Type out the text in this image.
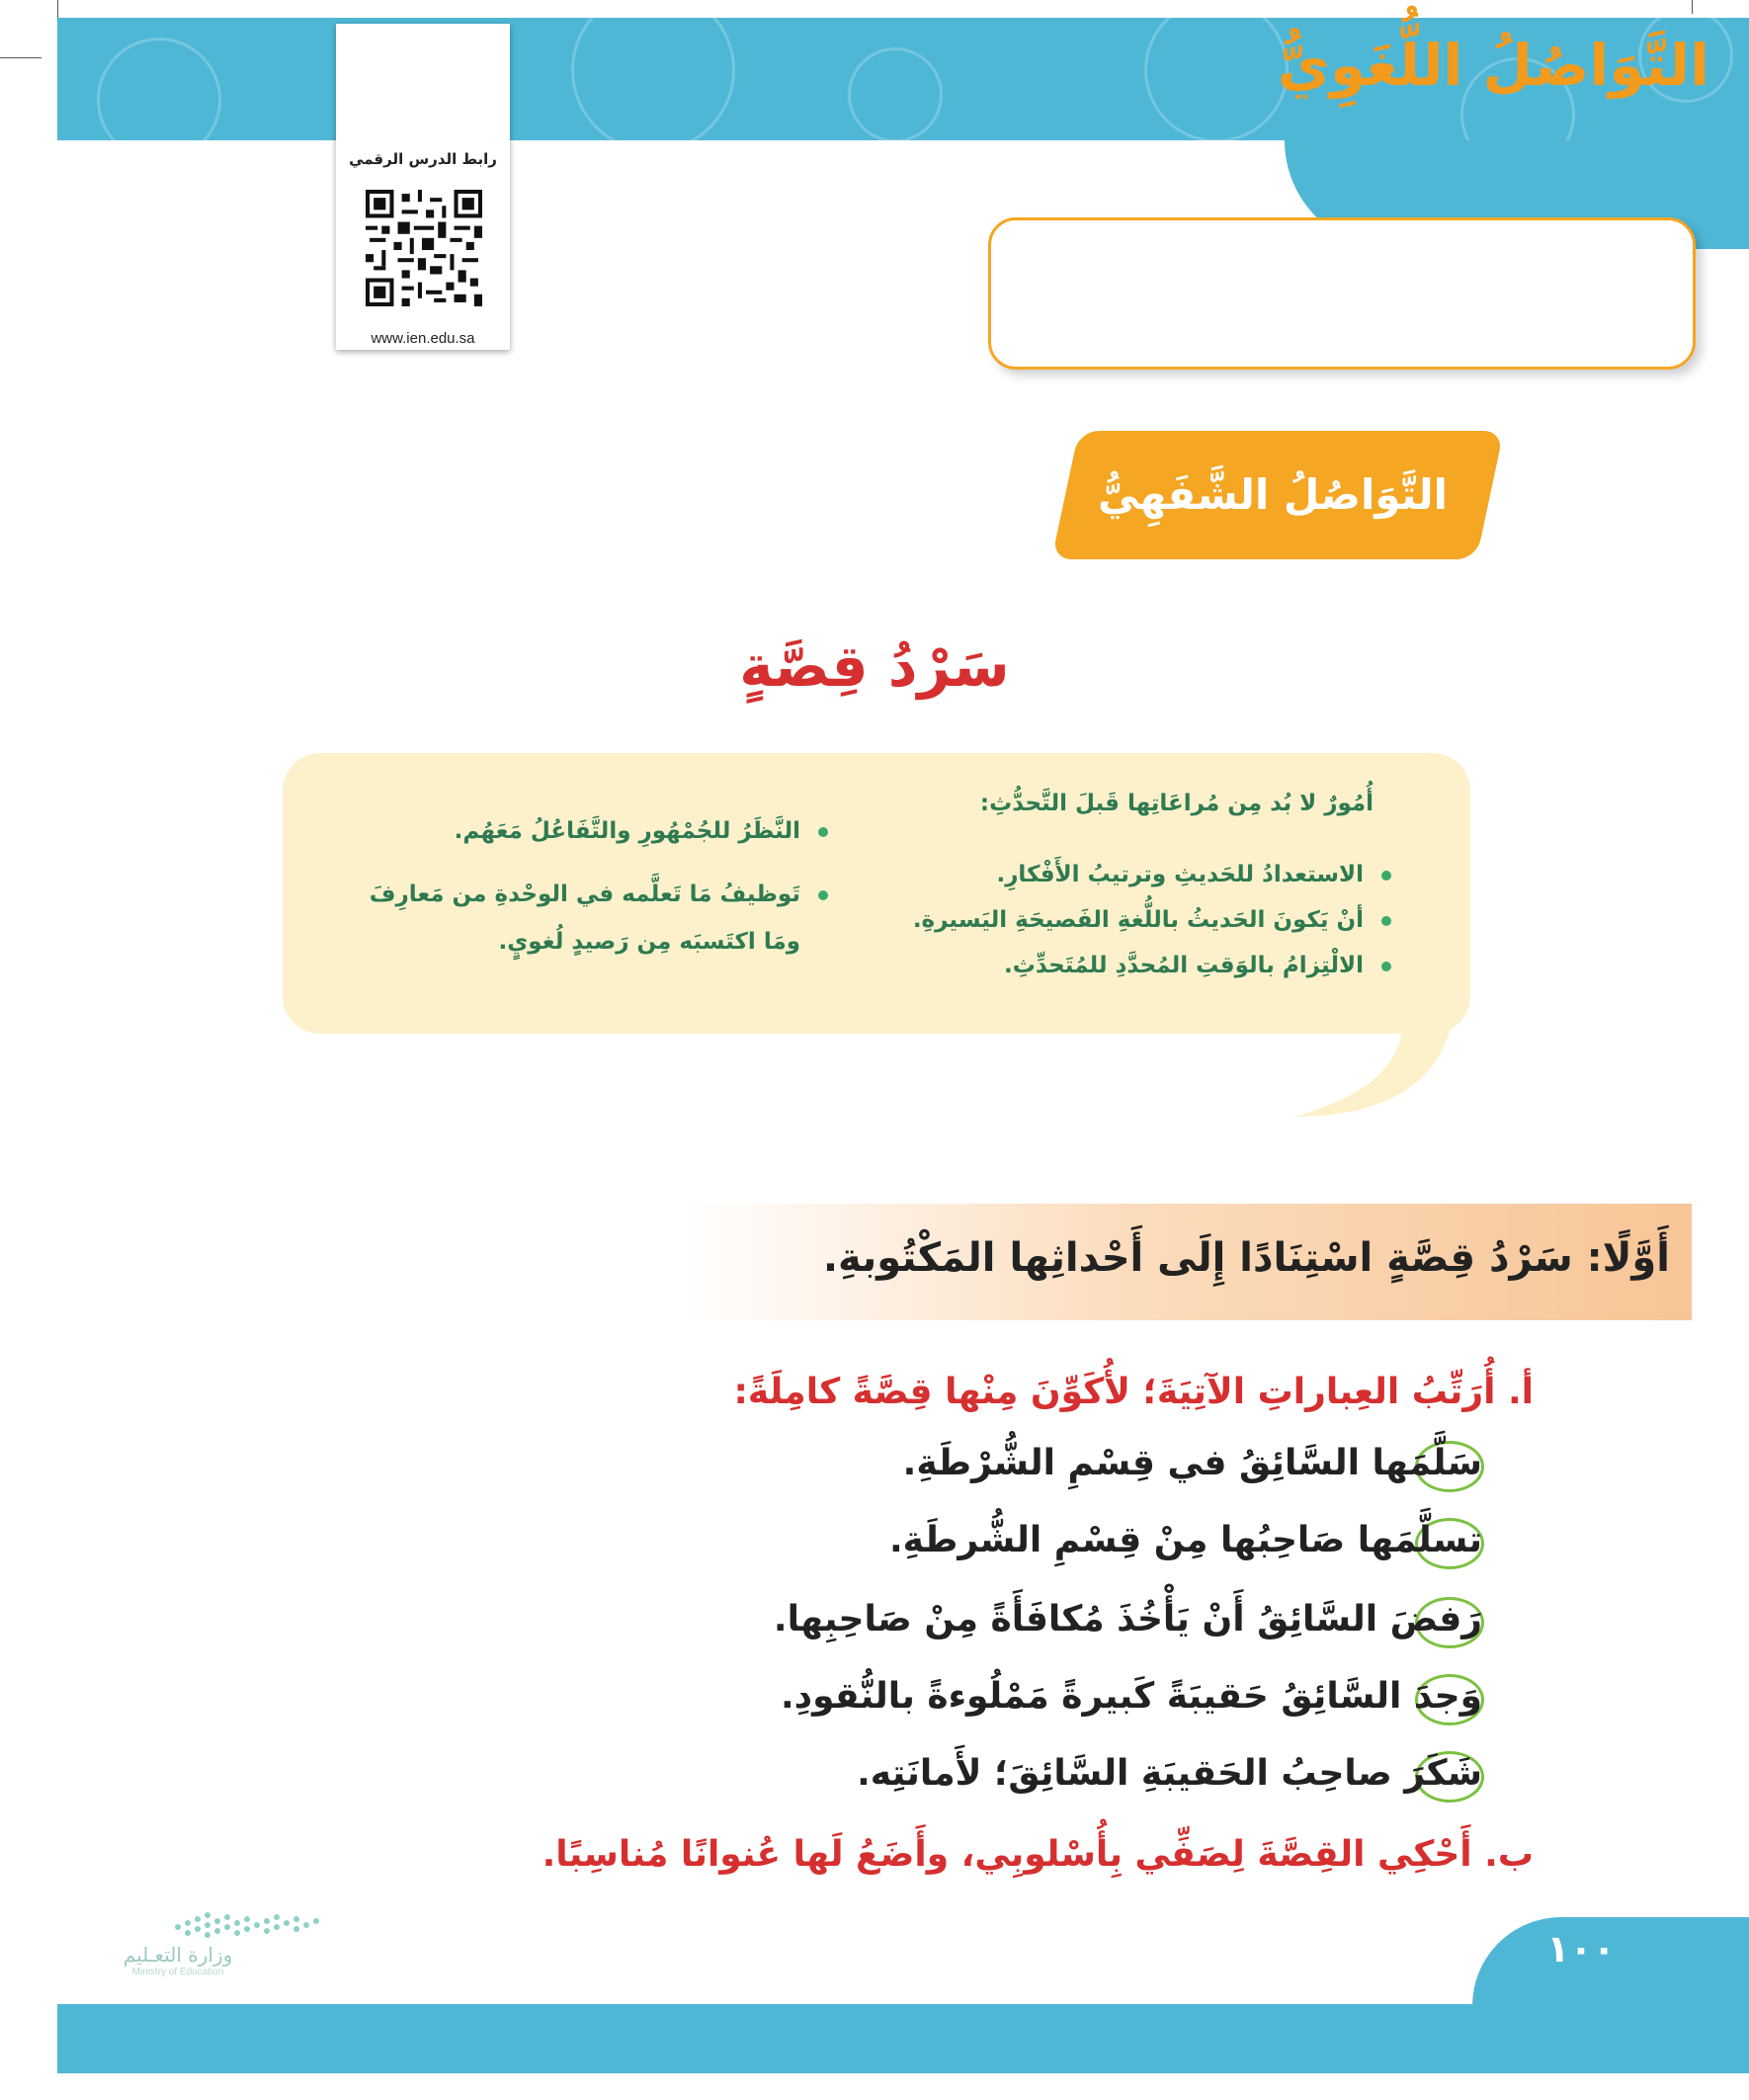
رابط الدرس الرقمي
www.ien.edu.sa
التَّوَاصُلُ اللُّغَوِيُّ
التَّوَاصُلُ الشَّفَهِيُّ
سَرْدُ قِصَّةٍ
أُمُورٌ لا بُد مِن مُراعَاتِها قَبلَ التَّحدُّثِ:
الاستعدادُ للحَديثِ وترتيبُ الأَفْكارِ.
أنْ يَكونَ الحَديثُ باللُّغةِ الفَصيحَةِ اليَسيرةِ.
الالْتِزامُ بالوَقتِ المُحدَّدِ للمُتَحدِّثِ.
النَّظَرُ للجُمْهُورِ والتَّفَاعُلُ مَعَهُم.
تَوظيفُ مَا تَعلَّمه في الوحْدةِ من مَعارِفَ
ومَا اكتَسبَه مِن رَصيدٍ لُغويٍ.
أَوَّلًا: سَرْدُ قِصَّةٍ اسْتِنَادًا إِلَى أَحْداثِها المَكْتُوبةِ.
أ. أُرَتِّبُ العِباراتِ الآتِيَةَ؛ لأُكَوِّنَ مِنْها قِصَّةً كامِلَةً:
سَلَّمَها السَّائِقُ في قِسْمِ الشُّرْطَةِ.
تسلَّمَها صَاحِبُها مِنْ قِسْمِ الشُّرطَةِ.
رَفضَ السَّائِقُ أَنْ يَأْخُذَ مُكافَأَةً مِنْ صَاحِبِها.
وَجدَ السَّائِقُ حَقيبَةً كَبيرةً مَمْلُوءةً بالنُّقودِ.
شَكَرَ صاحِبُ الحَقيبَةِ السَّائِقَ؛ لأَمانَتِه.
ب. أَحْكِي القِصَّةَ لِصَفِّي بِأُسْلوبِي، وأَضَعُ لَها عُنوانًا مُناسِبًا.
وزارة التعـليم
Ministry of Education
١٠٠
